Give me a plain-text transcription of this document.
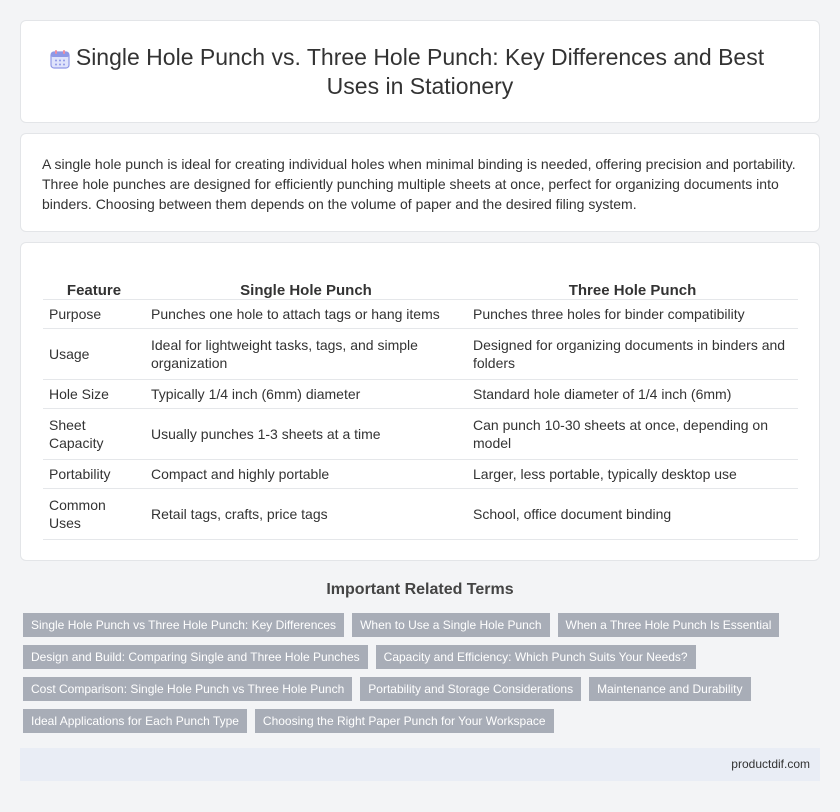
Single Hole Punch vs. Three Hole Punch: Key Differences and Best Uses in Stationery

A single hole punch is ideal for creating individual holes when minimal binding is needed, offering precision and portability. Three hole punches are designed for efficiently punching multiple sheets at once, perfect for organizing documents into binders. Choosing between them depends on the volume of paper and the desired filing system.

Feature	Single Hole Punch	Three Hole Punch
Purpose	Punches one hole to attach tags or hang items	Punches three holes for binder compatibility
Usage	Ideal for lightweight tasks, tags, and simple organization	Designed for organizing documents in binders and folders
Hole Size	Typically 1/4 inch (6mm) diameter	Standard hole diameter of 1/4 inch (6mm)
Sheet Capacity	Usually punches 1-3 sheets at a time	Can punch 10-30 sheets at once, depending on model
Portability	Compact and highly portable	Larger, less portable, typically desktop use
Common Uses	Retail tags, crafts, price tags	School, office document binding
Important Related Terms
Single Hole Punch vs Three Hole Punch: Key Differences	When to Use a Single Hole Punch	When a Three Hole Punch Is Essential
Design and Build: Comparing Single and Three Hole Punches	Capacity and Efficiency: Which Punch Suits Your Needs?
Cost Comparison: Single Hole Punch vs Three Hole Punch	Portability and Storage Considerations	Maintenance and Durability
Ideal Applications for Each Punch Type	Choosing the Right Paper Punch for Your Workspace
productdif.com
